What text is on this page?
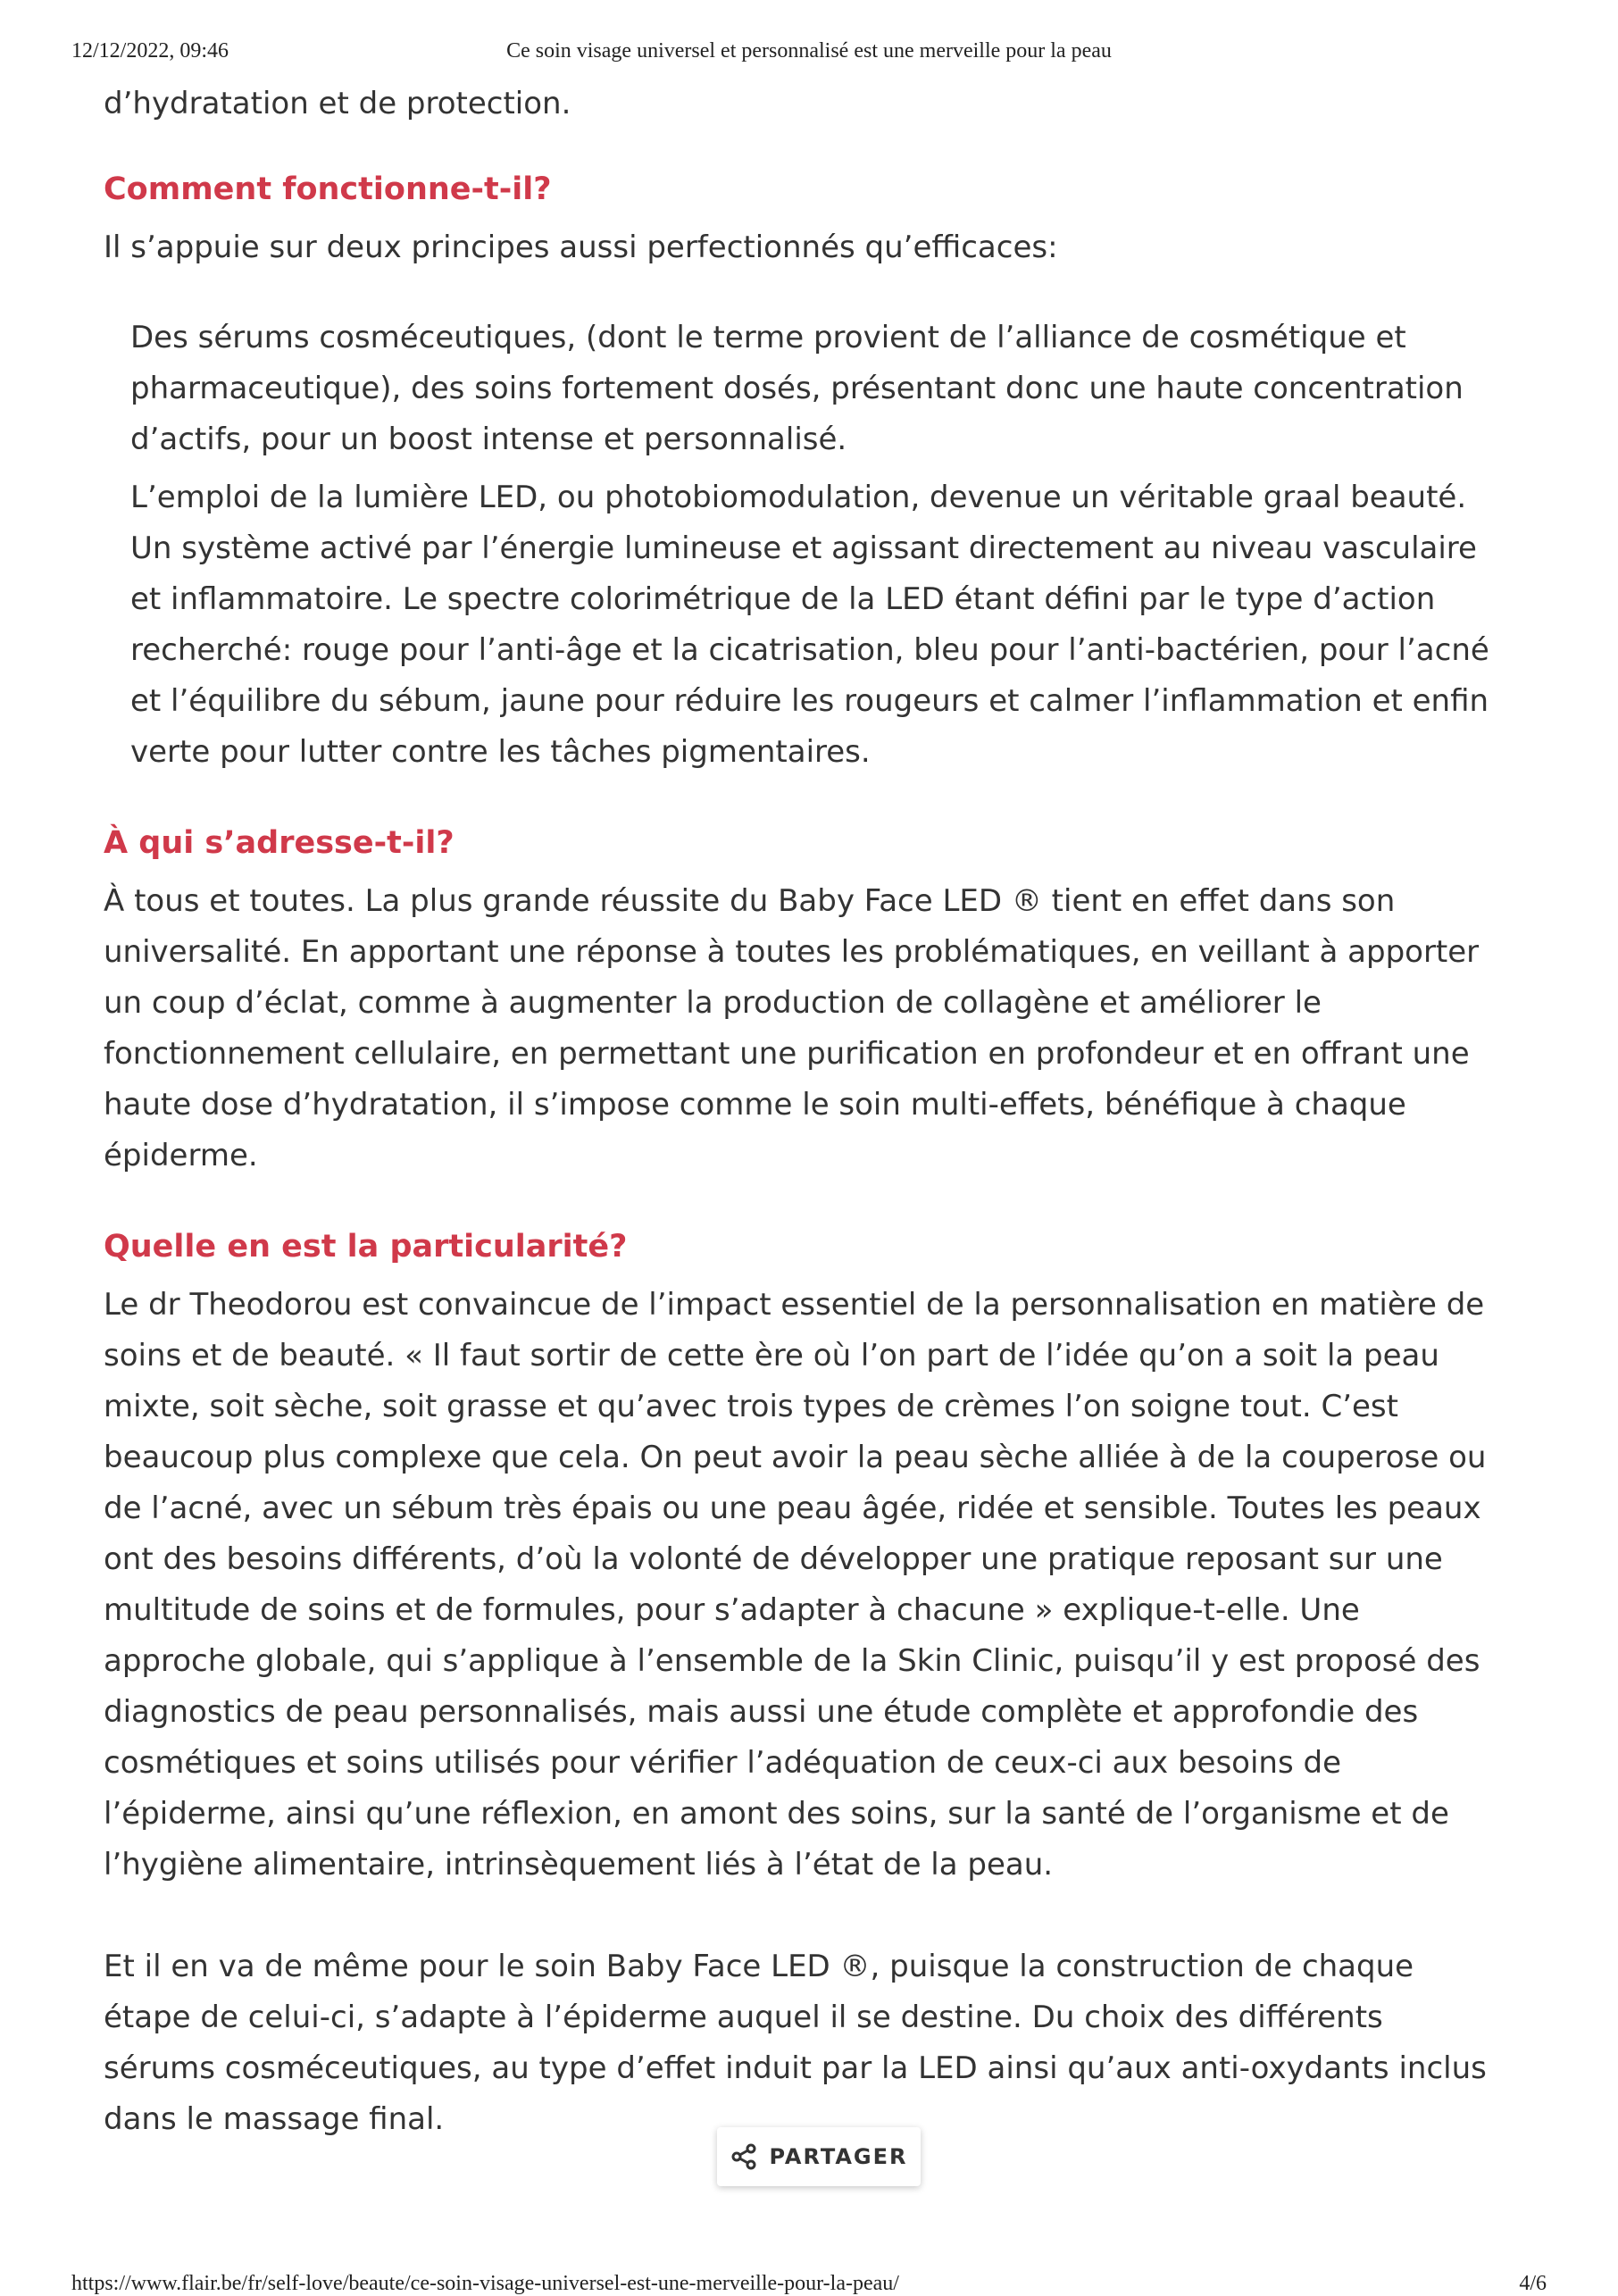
12/12/2022, 09:46	Ce soin visage universel et personnalisé est une merveille pour la peau

d’hydratation et de protection.

Comment fonctionne-t-il?

Il s’appuie sur deux principes aussi perfectionnés qu’efficaces:

Des sérums cosméceutiques, (dont le terme provient de l’alliance de cosmétique et pharmaceutique), des soins fortement dosés, présentant donc une haute concentration d’actifs, pour un boost intense et personnalisé.
L’emploi de la lumière LED, ou photobiomodulation, devenue un véritable graal beauté. Un système activé par l’énergie lumineuse et agissant directement au niveau vasculaire et inflammatoire. Le spectre colorimétrique de la LED étant défini par le type d’action recherché: rouge pour l’anti-âge et la cicatrisation, bleu pour l’anti-bactérien, pour l’acné et l’équilibre du sébum, jaune pour réduire les rougeurs et calmer l’inflammation et enfin verte pour lutter contre les tâches pigmentaires.
À qui s’adresse-t-il?

À tous et toutes. La plus grande réussite du Baby Face LED ® tient en effet dans son universalité. En apportant une réponse à toutes les problématiques, en veillant à apporter un coup d’éclat, comme à augmenter la production de collagène et améliorer le fonctionnement cellulaire, en permettant une purification en profondeur et en offrant une haute dose d’hydratation, il s’impose comme le soin multi-effets, bénéfique à chaque épiderme.

Quelle en est la particularité?

Le dr Theodorou est convaincue de l’impact essentiel de la personnalisation en matière de soins et de beauté. « Il faut sortir de cette ère où l’on part de l’idée qu’on a soit la peau mixte, soit sèche, soit grasse et qu’avec trois types de crèmes l’on soigne tout. C’est beaucoup plus complexe que cela. On peut avoir la peau sèche alliée à de la couperose ou de l’acné, avec un sébum très épais ou une peau âgée, ridée et sensible. Toutes les peaux ont des besoins différents, d’où la volonté de développer une pratique reposant sur une multitude de soins et de formules, pour s’adapter à chacune » explique-t-elle. Une approche globale, qui s’applique à l’ensemble de la Skin Clinic, puisqu’il y est proposé des diagnostics de peau personnalisés, mais aussi une étude complète et approfondie des cosmétiques et soins utilisés pour vérifier l’adéquation de ceux-ci aux besoins de l’épiderme, ainsi qu’une réflexion, en amont des soins, sur la santé de l’organisme et de l’hygiène alimentaire, intrinsèquement liés à l’état de la peau.

Et il en va de même pour le soin Baby Face LED ®, puisque la construction de chaque étape de celui-ci, s’adapte à l’épiderme auquel il se destine. Du choix des différents sérums cosméceutiques, au type d’effet induit par la LED ainsi qu’aux anti-oxydants inclus dans le massage final.

PARTAGER
https://www.flair.be/fr/self-love/beaute/ce-soin-visage-universel-est-une-merveille-pour-la-peau/	4/6
